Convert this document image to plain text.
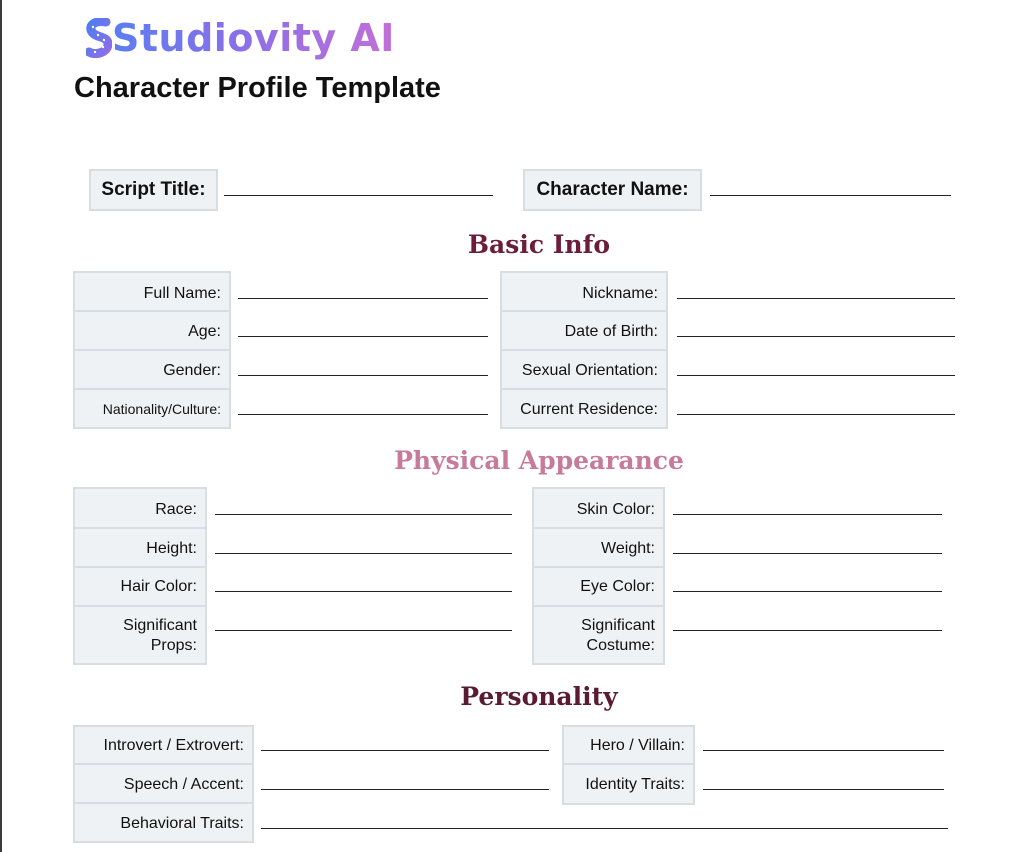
Studiovity AI
Character Profile Template
Script Title:	Character Name:
Basic Info
Full Name:
Age:
Gender:
Nationality/Culture:
Nickname:
Date of Birth:
Sexual Orientation:
Current Residence:
Physical Appearance
Race:
Height:
Hair Color:
Significant
Props:
Skin Color:
Weight:
Eye Color:
Significant
Costume:
Personality
Introvert / Extrovert:
Speech / Accent:
Behavioral Traits:
Hero / Villain:
Identity Traits:
